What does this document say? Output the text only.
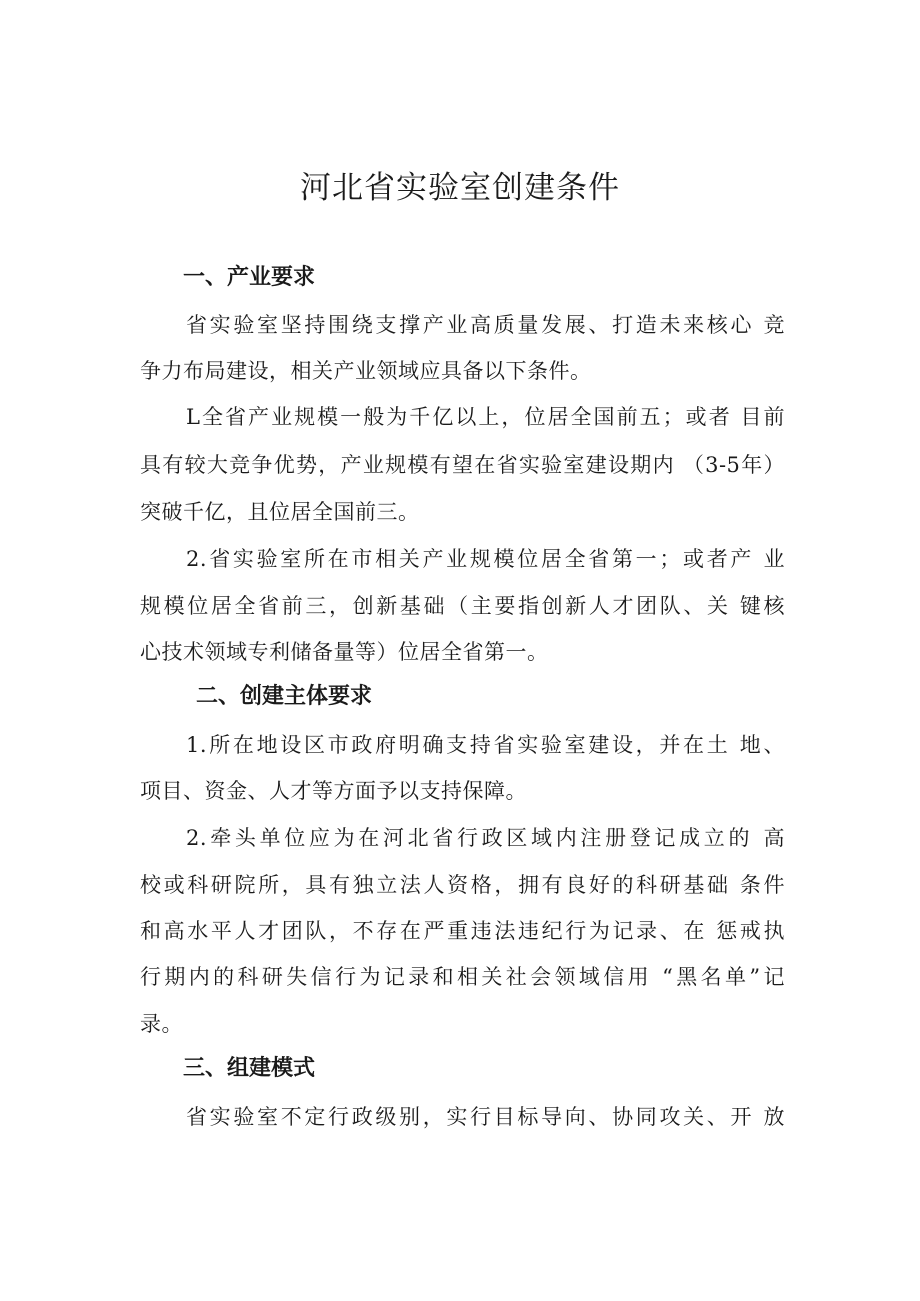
河北省实验室创建条件
一、产业要求
省实验室坚持围绕支撑产业高质量发展、打造未来核心 竞
争力布局建设，相关产业领域应具备以下条件。
L全省产业规模一般为千亿以上，位居全国前五；或者 目前
具有较大竞争优势，产业规模有望在省实验室建设期内 （3-5年）
突破千亿，且位居全国前三。
2.省实验室所在市相关产业规模位居全省第一；或者产 业
规模位居全省前三，创新基础（主要指创新人才团队、关 键核
心技术领域专利储备量等）位居全省第一。
二、创建主体要求
1.所在地设区市政府明确支持省实验室建设，并在土 地、
项目、资金、人才等方面予以支持保障。
2.牵头单位应为在河北省行政区域内注册登记成立的 高
校或科研院所，具有独立法人资格，拥有良好的科研基础 条件
和高水平人才团队，不存在严重违法违纪行为记录、在 惩戒执
行期内的科研失信行为记录和相关社会领域信用 “黑名单”记
录。
三、组建模式
省实验室不定行政级别，实行目标导向、协同攻关、开 放
